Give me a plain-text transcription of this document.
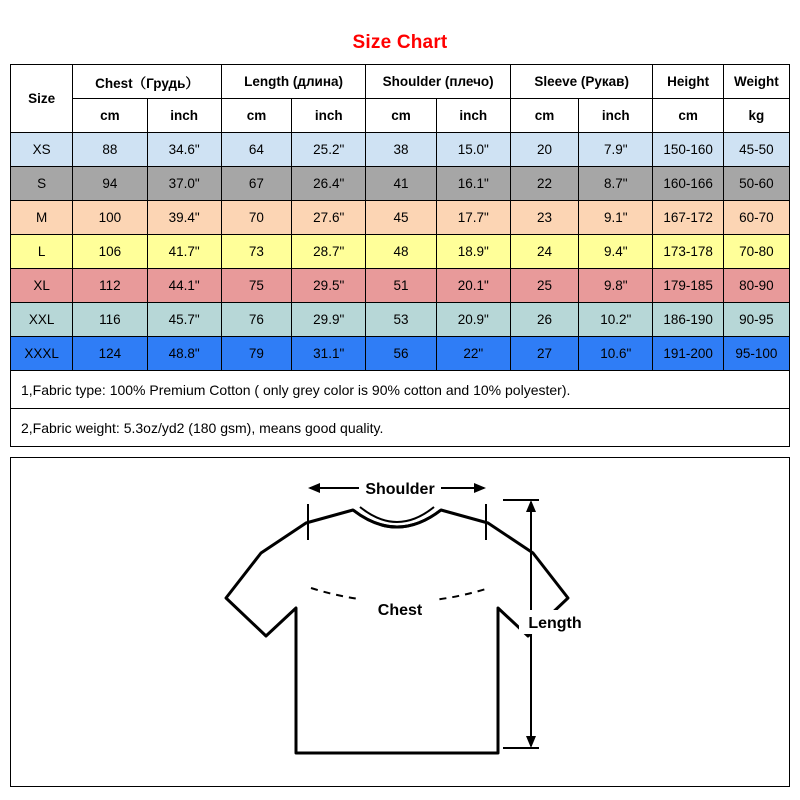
Size Chart
Size	Chest（Грудь）		Length (длина)		Shoulder (плечо)		Sleeve (Рукав)		Height	Weight
	cm	inch	cm	inch	cm	inch	cm	inch	cm	kg
XS	88	34.6"	64	25.2"	38	15.0"	20	7.9"	150-160	45-50
S	94	37.0"	67	26.4"	41	16.1"	22	8.7"	160-166	50-60
M	100	39.4"	70	27.6"	45	17.7"	23	9.1"	167-172	60-70
L	106	41.7"	73	28.7"	48	18.9"	24	9.4"	173-178	70-80
XL	112	44.1"	75	29.5"	51	20.1"	25	9.8"	179-185	80-90
XXL	116	45.7"	76	29.9"	53	20.9"	26	10.2"	186-190	90-95
XXXL	124	48.8"	79	31.1"	56	22"	27	10.6"	191-200	95-100
1,Fabric type: 100% Premium Cotton ( only grey color is 90% cotton and 10% polyester).
2,Fabric weight: 5.3oz/yd2 (180 gsm), means good quality.
Shoulder
Chest
Length
